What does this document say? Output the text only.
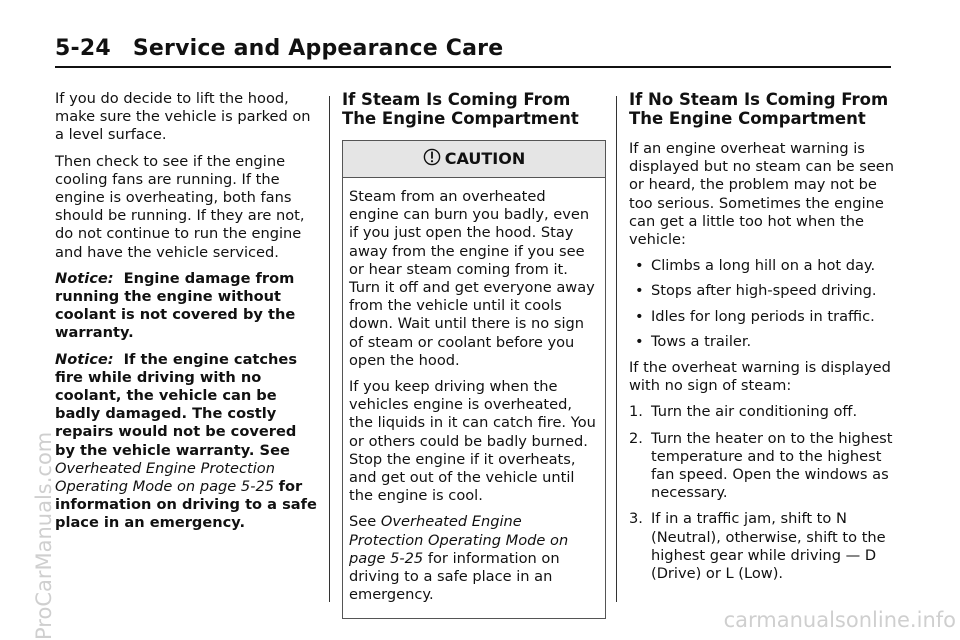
5-24 Service and Appearance Care

If you do decide to lift the hood, make sure the vehicle is parked on a level surface.

Then check to see if the engine cooling fans are running. If the engine is overheating, both fans should be running. If they are not, do not continue to run the engine and have the vehicle serviced.

Notice: Engine damage from running the engine without coolant is not covered by the warranty.

Notice: If the engine catches fire while driving with no coolant, the vehicle can be badly damaged. The costly repairs would not be covered by the vehicle warranty. See Overheated Engine Protection Operating Mode on page 5-25 for information on driving to a safe place in an emergency.

If Steam Is Coming From The Engine Compartment
CAUTION

Steam from an overheated engine can burn you badly, even if you just open the hood. Stay away from the engine if you see or hear steam coming from it. Turn it off and get everyone away from the vehicle until it cools down. Wait until there is no sign of steam or coolant before you open the hood.

If you keep driving when the vehicles engine is overheated, the liquids in it can catch fire. You or others could be badly burned. Stop the engine if it overheats, and get out of the vehicle until the engine is cool.

See Overheated Engine Protection Operating Mode on page 5-25 for information on driving to a safe place in an emergency.

If No Steam Is Coming From The Engine Compartment

If an engine overheat warning is displayed but no steam can be seen or heard, the problem may not be too serious. Sometimes the engine can get a little too hot when the vehicle:

• Climbs a long hill on a hot day.
• Stops after high-speed driving.
• Idles for long periods in traffic.
• Tows a trailer.

If the overheat warning is displayed with no sign of steam:

1. Turn the air conditioning off.
2. Turn the heater on to the highest temperature and to the highest fan speed. Open the windows as necessary.
3. If in a traffic jam, shift to N (Neutral), otherwise, shift to the highest gear while driving — D (Drive) or L (Low).
ProCarManuals.com	carmanualsonline.info
